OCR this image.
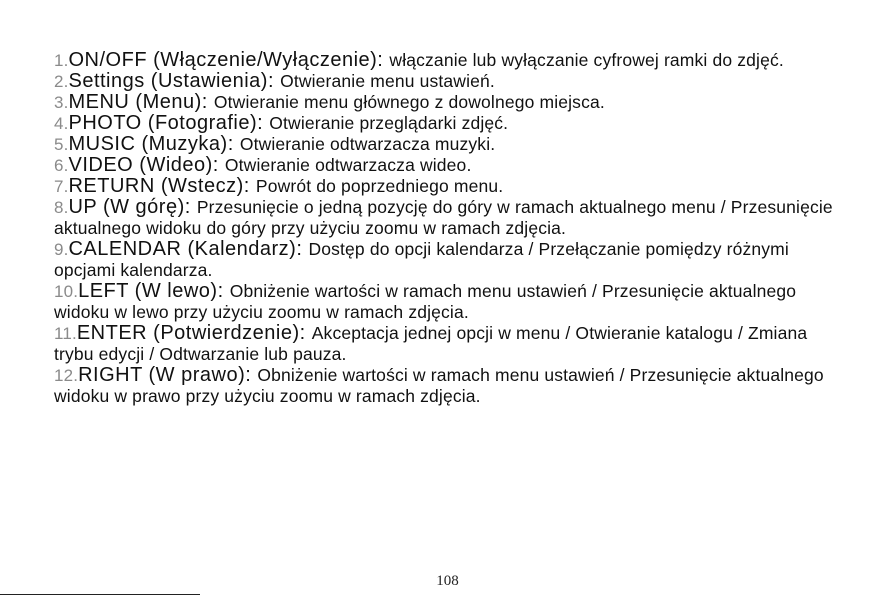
1.ON/OFF (Włączenie/Wyłączenie): włączanie lub wyłączanie cyfrowej ramki do zdjęć.

2.Settings (Ustawienia): Otwieranie menu ustawień.

3.MENU (Menu): Otwieranie menu głównego z dowolnego miejsca.

4.PHOTO (Fotografie): Otwieranie przeglądarki zdjęć.

5.MUSIC (Muzyka): Otwieranie odtwarzacza muzyki.

6.VIDEO (Wideo): Otwieranie odtwarzacza wideo.

7.RETURN (Wstecz): Powrót do poprzedniego menu.

8.UP (W górę): Przesunięcie o jedną pozycję do góry w ramach aktualnego menu / Przesunięcie aktualnego widoku do góry przy użyciu zoomu w ramach zdjęcia.

9.CALENDAR (Kalendarz): Dostęp do opcji kalendarza / Przełączanie pomiędzy różnymi opcjami kalendarza.

10.LEFT (W lewo): Obniżenie wartości w ramach menu ustawień / Przesunięcie aktualnego widoku w lewo przy użyciu zoomu w ramach zdjęcia.

11.ENTER (Potwierdzenie): Akceptacja jednej opcji w menu / Otwieranie katalogu / Zmiana trybu edycji / Odtwarzanie lub pauza.

12.RIGHT (W prawo): Obniżenie wartości w ramach menu ustawień / Przesunięcie aktualnego widoku w prawo przy użyciu zoomu w ramach zdjęcia.

108
